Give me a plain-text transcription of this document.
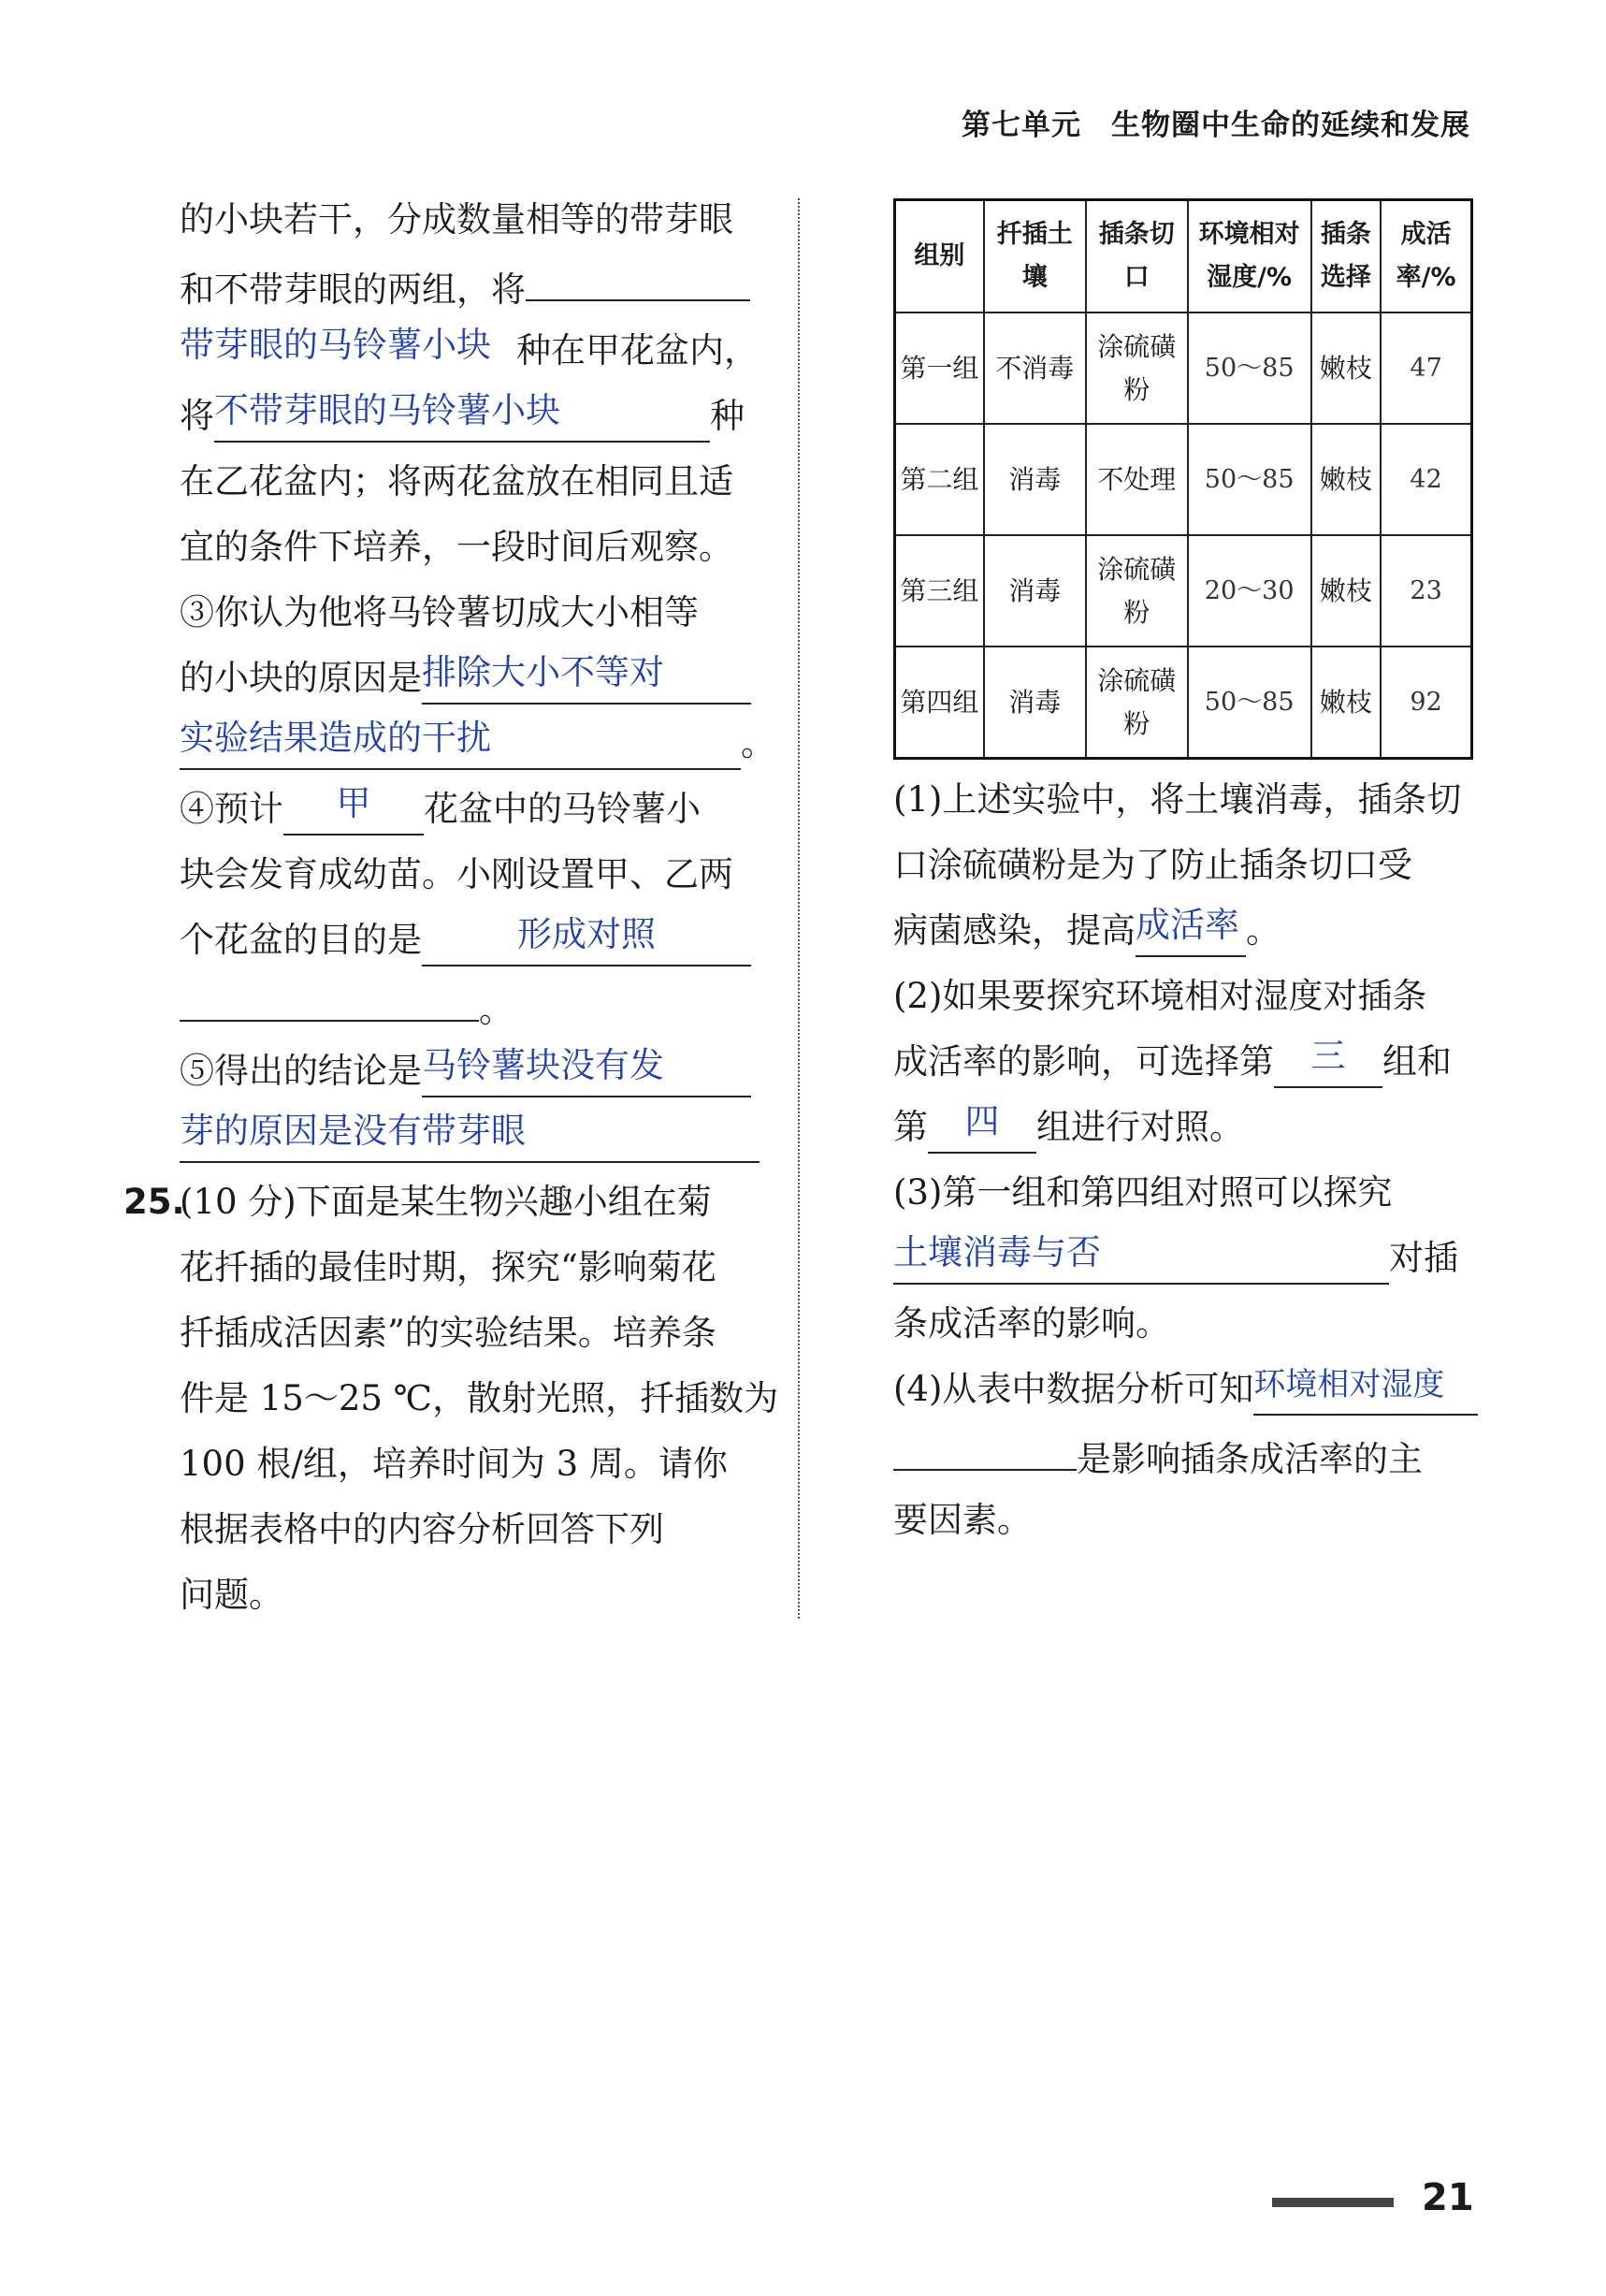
第七单元　生物圈中生命的延续和发展
的小块若干，分成数量相等的带芽眼
和不带芽眼的两组，将
带芽眼的马铃薯小块 种在甲花盆内，
将不带芽眼的马铃薯小块	种
在乙花盆内；将两花盆放在相同且适
宜的条件下培养，一段时间后观察。
③你认为他将马铃薯切成大小相等
的小块的原因是排除大小不等对
实验结果造成的干扰	。
④预计 甲 花盆中的马铃薯小
块会发育成幼苗。小刚设置甲、乙两
个花盆的目的是	形成对照
。
⑤得出的结论是马铃薯块没有发
芽的原因是没有带芽眼
25.
(10 分)下面是某生物兴趣小组在菊
花扦插的最佳时期，探究“影响菊花
扦插成活因素”的实验结果。培养条
件是 15～25 ℃，散射光照，扦插数为
100 根/组，培养时间为 3 周。请你
根据表格中的内容分析回答下列
问题。
组别	扦插土壤	插条切口	环境相对湿度/%	插条选择	成活率/%
第一组	不消毒	涂硫磺粉	50～85	嫩枝	47
第二组	消毒	不处理	50～85	嫩枝	42
第三组	消毒	涂硫磺粉	20～30	嫩枝	23
第四组	消毒	涂硫磺粉	50～85	嫩枝	92
(1)上述实验中，将土壤消毒，插条切
口涂硫磺粉是为了防止插条切口受
病菌感染，提高成活率 。
(2)如果要探究环境相对湿度对插条
成活率的影响，可选择第 三 组和
第 四 组进行对照。
(3)第一组和第四组对照可以探究
土壤消毒与否	对插
条成活率的影响。
(4)从表中数据分析可知环境相对湿度
是影响插条成活率的主
要因素。
21
